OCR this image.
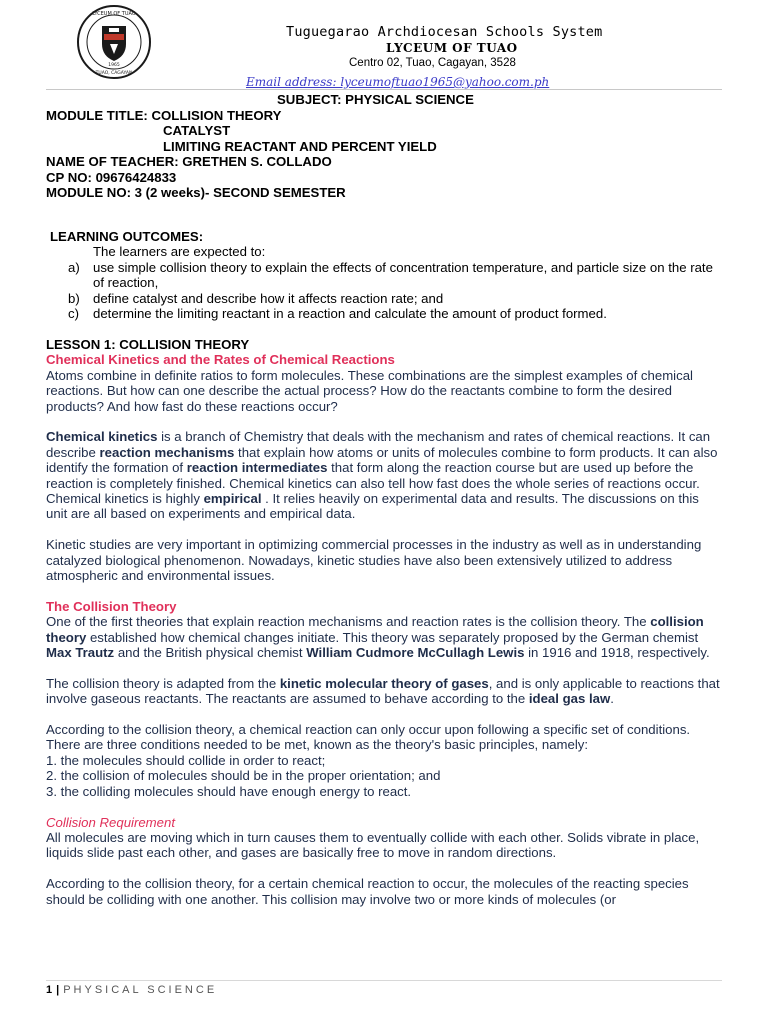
LYCEUM OF TUAO
TUAO, CAGAYAN
1965
Tuguegarao Archdiocesan Schools System
LYCEUM OF TUAO
Centro 02, Tuao, Cagayan, 3528
Email address: lyceumoftuao1965@yahoo.com.ph
SUBJECT: PHYSICAL SCIENCE
MODULE TITLE: COLLISION THEORY
CATALYST
LIMITING REACTANT AND PERCENT YIELD
NAME OF TEACHER: GRETHEN S. COLLADO
CP NO: 09676424833
MODULE NO: 3 (2 weeks)- SECOND SEMESTER

LEARNING OUTCOMES:

The learners are expected to:

a)	use simple collision theory to explain the effects of concentration temperature, and particle size on the rate of reaction,
b)	define catalyst and describe how it affects reaction rate; and
c)	determine the limiting reactant in a reaction and calculate the amount of product formed.

LESSON 1: COLLISION THEORY

Chemical Kinetics and the Rates of Chemical Reactions

Atoms combine in definite ratios to form molecules. These combinations are the simplest examples of chemical reactions. But how can one describe the actual process? How do the reactants combine to form the desired products? And how fast do these reactions occur?

Chemical kinetics is a branch of Chemistry that deals with the mechanism and rates of chemical reactions. It can describe reaction mechanisms that explain how atoms or units of molecules combine to form products. It can also identify the formation of reaction intermediates that form along the reaction course but are used up before the reaction is completely finished. Chemical kinetics can also tell how fast does the whole series of reactions occur. Chemical kinetics is highly empirical . It relies heavily on experimental data and results. The discussions on this unit are all based on experiments and empirical data.

Kinetic studies are very important in optimizing commercial processes in the industry as well as in understanding catalyzed biological phenomenon. Nowadays, kinetic studies have also been extensively utilized to address atmospheric and environmental issues.

The Collision Theory

One of the first theories that explain reaction mechanisms and reaction rates is the collision theory. The collision theory established how chemical changes initiate. This theory was separately proposed by the German chemist Max Trautz and the British physical chemist William Cudmore McCullagh Lewis in 1916 and 1918, respectively.

The collision theory is adapted from the kinetic molecular theory of gases, and is only applicable to reactions that involve gaseous reactants. The reactants are assumed to behave according to the ideal gas law.

According to the collision theory, a chemical reaction can only occur upon following a specific set of conditions. There are three conditions needed to be met, known as the theory's basic principles, namely:

1. the molecules should collide in order to react;

2. the collision of molecules should be in the proper orientation; and

3. the colliding molecules should have enough energy to react.

Collision Requirement

All molecules are moving which in turn causes them to eventually collide with each other. Solids vibrate in place, liquids slide past each other, and gases are basically free to move in random directions.

According to the collision theory, for a certain chemical reaction to occur, the molecules of the reacting species should be colliding with one another. This collision may involve two or more kinds of molecules (or

1 | PHYSICAL SCIENCE
